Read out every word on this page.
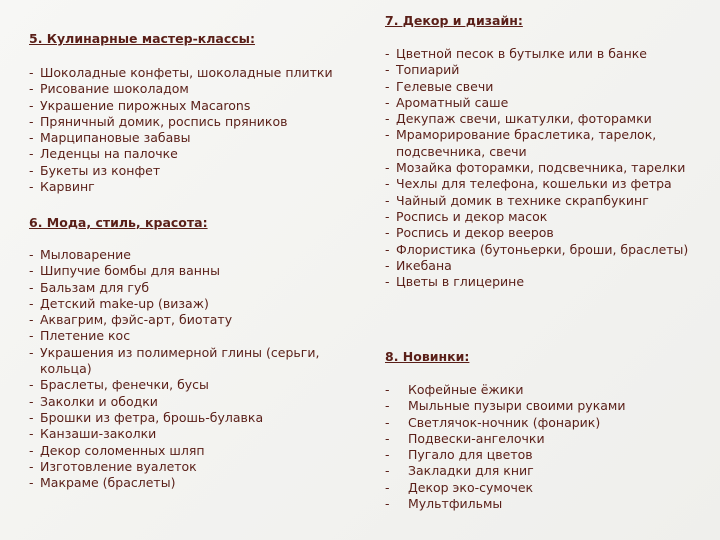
5. Кулинарные мастер-классы:
- Шоколадные конфеты, шоколадные плитки
- Рисование шоколадом
- Украшение пирожных Macarons
- Пряничный домик, роспись пряников
- Марципановые забавы
- Леденцы на палочке
- Букеты из конфет
- Карвинг
6. Мода, стиль, красота:
- Мыловарение
- Шипучие бомбы для ванны
- Бальзам для губ
- Детский make-up (визаж)
- Аквагрим, фэйс-арт, биотату
- Плетение кос
- Украшения из полимерной глины (серьги, кольца)
- Браслеты, фенечки, бусы
- Заколки и ободки
- Брошки из фетра, брошь-булавка
- Канзаши-заколки
- Декор соломенных шляп
- Изготовление вуалеток
- Макраме (браслеты)
7. Декор и дизайн:
- Цветной песок в бутылке или в банке
- Топиарий
- Гелевые свечи
- Ароматный саше
- Декупаж свечи, шкатулки, фоторамки
- Мраморирование браслетика, тарелок, подсвечника, свечи
- Мозайка фоторамки, подсвечника, тарелки
- Чехлы для телефона, кошельки из фетра
- Чайный домик в технике скрапбукинг
- Роспись и декор масок
- Роспись и декор вееров
- Флористика (бутоньерки, броши, браслеты)
- Икебана
- Цветы в глицерине
8. Новинки:
- Кофейные ёжики
- Мыльные пузыри своими руками
- Светлячок-ночник (фонарик)
- Подвески-ангелочки
- Пугало для цветов
- Закладки для книг
- Декор эко-сумочек
- Мультфильмы
